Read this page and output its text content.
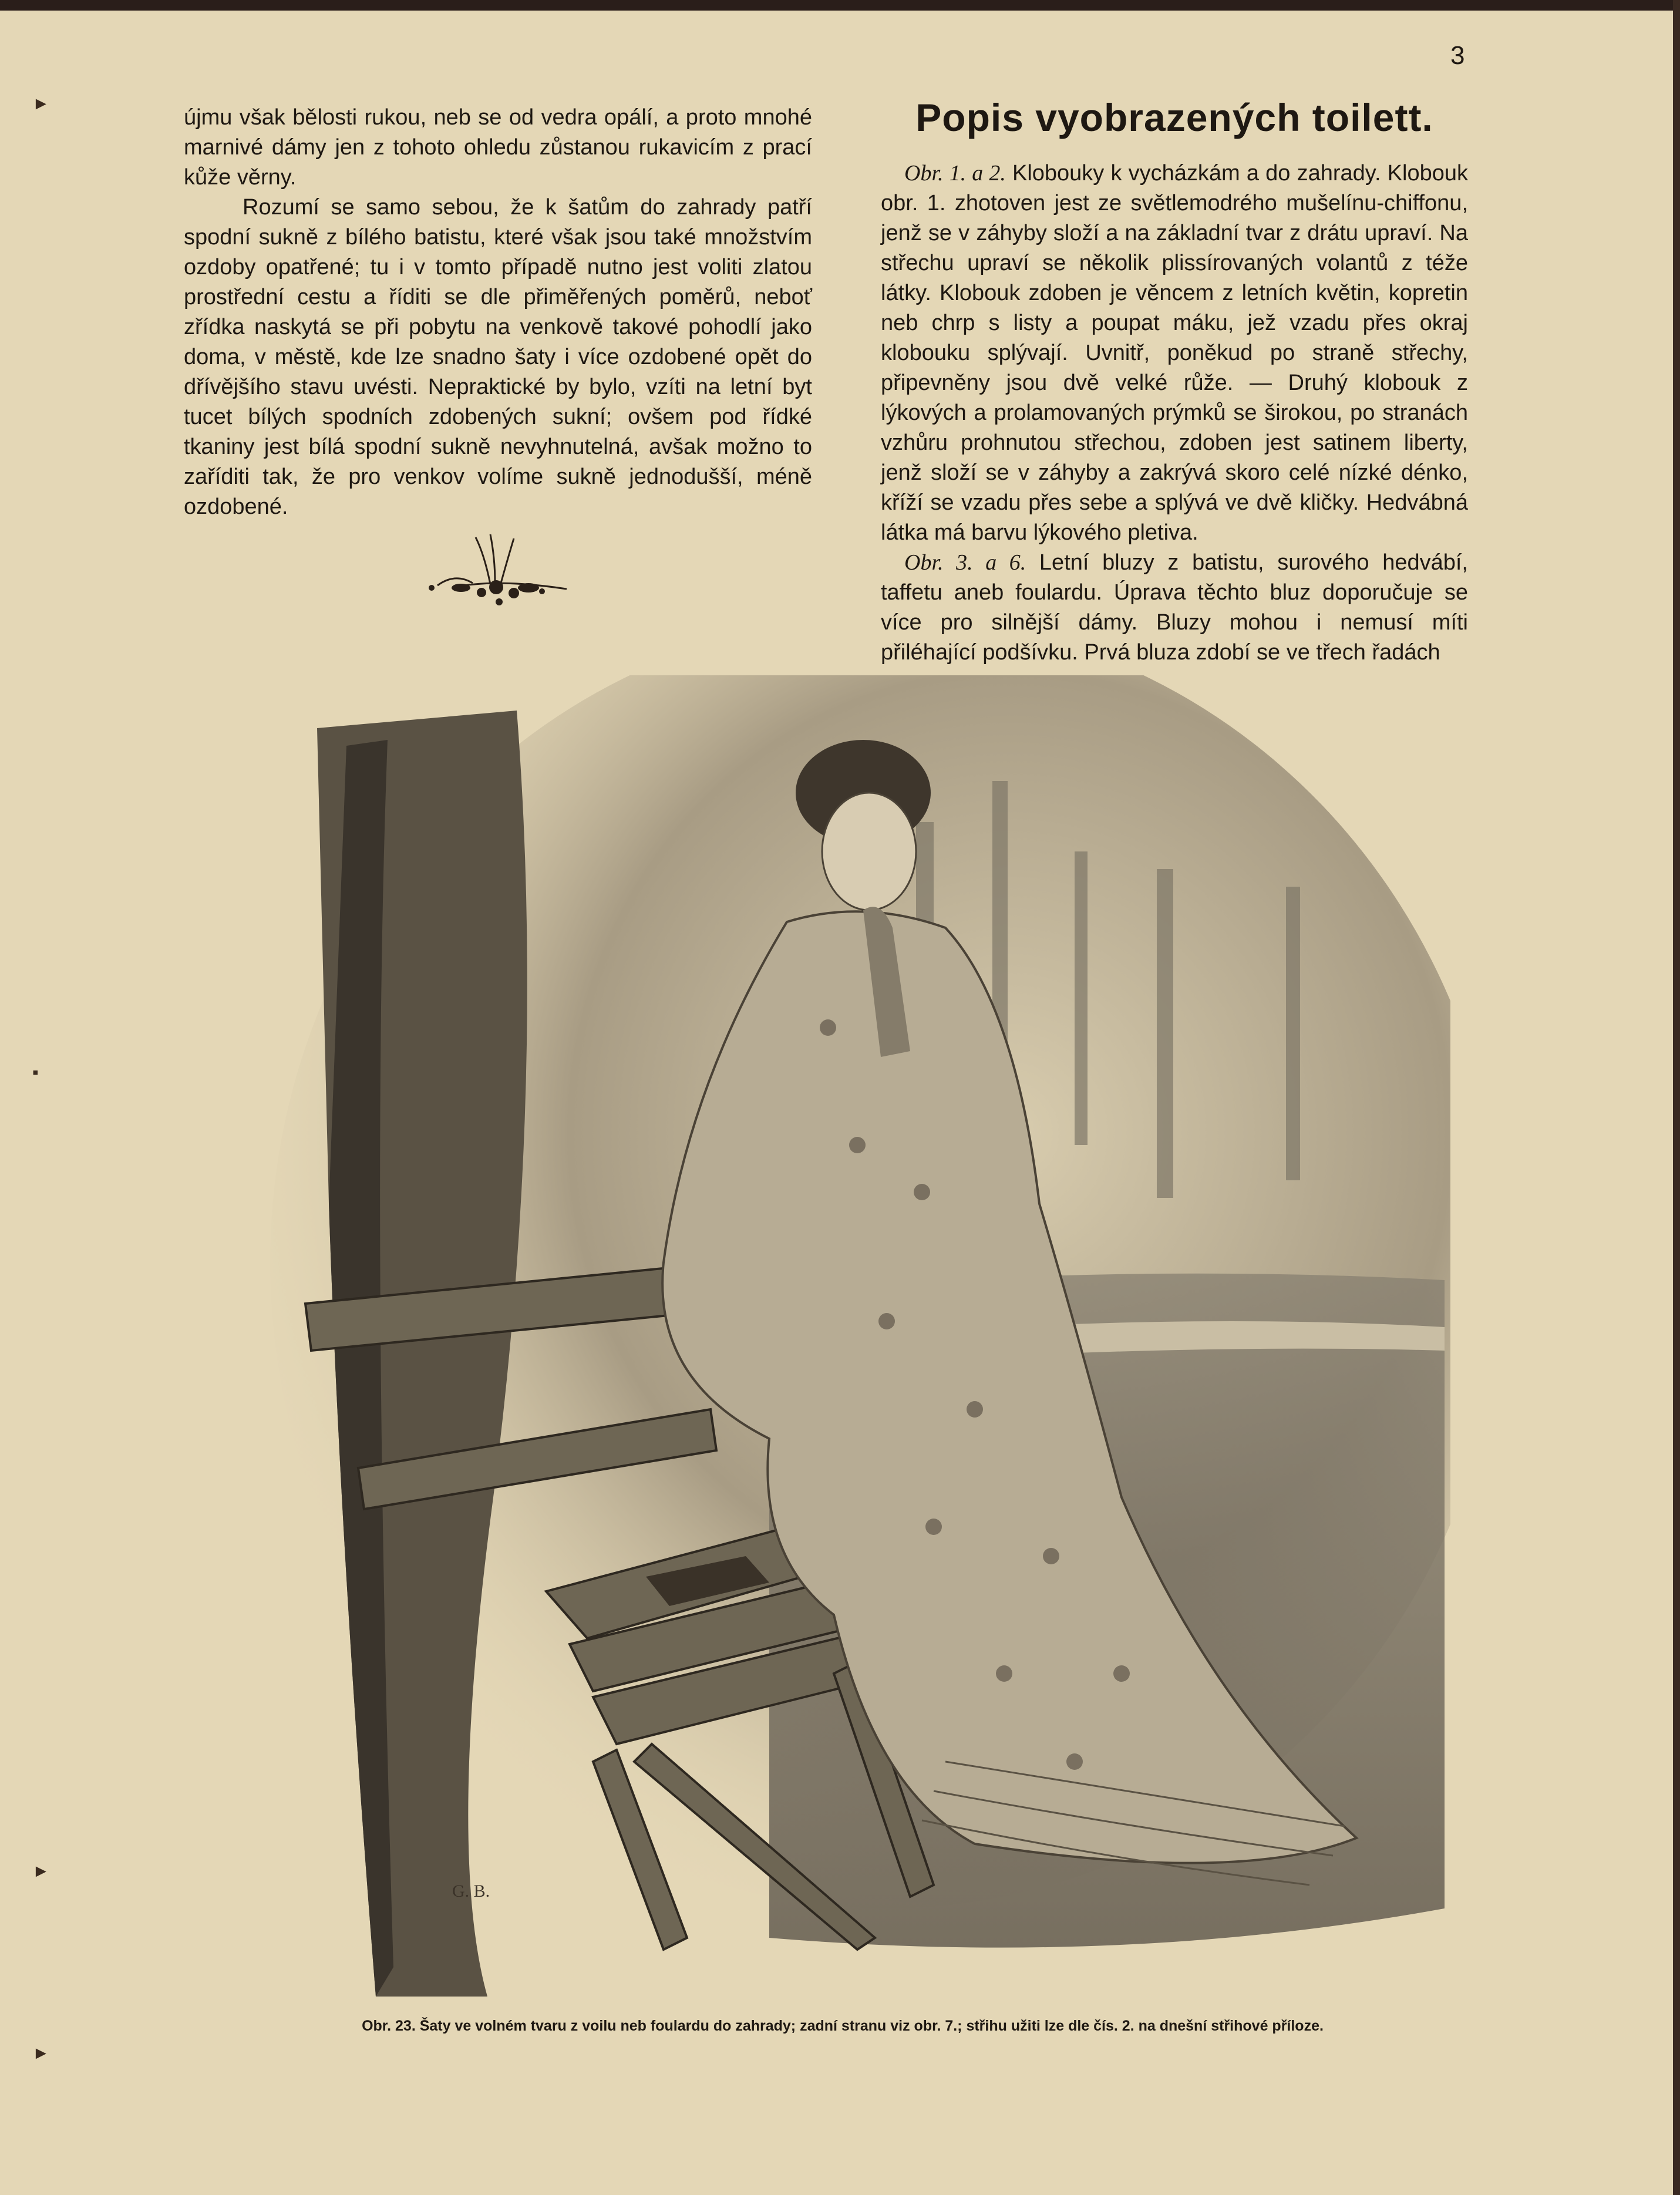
►
▪
►
►
3

újmu však bělosti rukou, neb se od vedra opálí, a proto mnohé marnivé dámy jen z tohoto ohledu zůstanou rukavicím z prací kůže věrny.

Rozumí se samo sebou, že k šatům do zahrady patří spodní sukně z bílého batistu, které však jsou také množstvím ozdoby opatřené; tu i v tomto případě nutno jest voliti zlatou prostřední cestu a říditi se dle přiměřených poměrů, neboť zřídka naskytá se při pobytu na venkově takové pohodlí jako doma, v městě, kde lze snadno šaty i více ozdobené opět do dřívějšího stavu uvésti. Nepraktické by bylo, vzíti na letní byt tucet bílých spodních zdobených sukní; ovšem pod řídké tkaniny jest bílá spodní sukně nevyhnutelná, avšak možno to zaříditi tak, že pro venkov volíme sukně jednodušší, méně ozdobené.

Popis vyobrazených toilett.

Obr. 1. a 2. Klobouky k vycházkám a do zahrady. Klobouk obr. 1. zhotoven jest ze světlemodrého mušelínu-chiffonu, jenž se v záhyby složí a na základní tvar z drátu upraví. Na střechu upraví se několik plissírovaných volantů z téže látky. Klobouk zdoben je věncem z letních květin, kopretin neb chrp s listy a poupat máku, jež vzadu přes okraj klobouku splývají. Uvnitř, poněkud po straně střechy, připevněny jsou dvě velké růže. — Druhý klobouk z lýkových a prolamovaných prýmků se širokou, po stranách vzhůru prohnutou střechou, zdoben jest satinem liberty, jenž složí se v záhyby a zakrývá skoro celé nízké dénko, kříží se vzadu přes sebe a splývá ve dvě kličky. Hedvábná látka má barvu lýkového pletiva.

Obr. 3. a 6. Letní bluzy z batistu, surového hedvábí, taffetu aneb foulardu. Úprava těchto bluz doporučuje se více pro silnější dámy. Bluzy mohou i nemusí míti přiléhající podšívku. Prvá bluza zdobí se ve třech řadách

G. B.
Obr. 23. Šaty ve volném tvaru z voilu neb foulardu do zahrady; zadní stranu viz obr. 7.; střihu užiti lze dle čís. 2. na dnešní střihové příloze.
